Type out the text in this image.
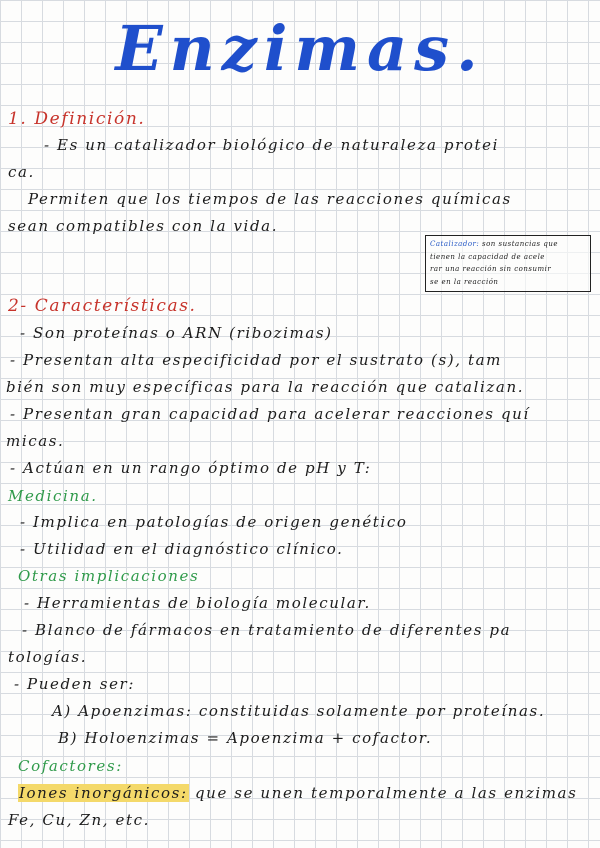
Enzimas.

1. Definición.

- Es un catalizador biológico de naturaleza protei

ca.

Permiten que los tiempos de las reacciones químicas

sean compatibles con la vida.

Catalizador: son sustancias que

tienen la capacidad de acele

rar una reacción sin consumir

se en la reacción

2- Características.

- Son proteínas o ARN (ribozimas)

- Presentan alta especificidad por el sustrato (s), tam

bién son muy específicas para la reacción que catalizan.

- Presentan gran capacidad para acelerar reacciones quí

micas.

- Actúan en un rango óptimo de pH y T:

Medicina.

- Implica en patologías de origen genético

- Utilidad en el diagnóstico clínico.

Otras implicaciones

- Herramientas de biología molecular.

- Blanco de fármacos en tratamiento de diferentes pa

tologías.

- Pueden ser:

A) Apoenzimas: constituidas solamente por proteínas.

B) Holoenzimas = Apoenzima + cofactor.

Cofactores:

Iones inorgánicos: que se unen temporalmente a las enzimas

Fe, Cu, Zn, etc.
